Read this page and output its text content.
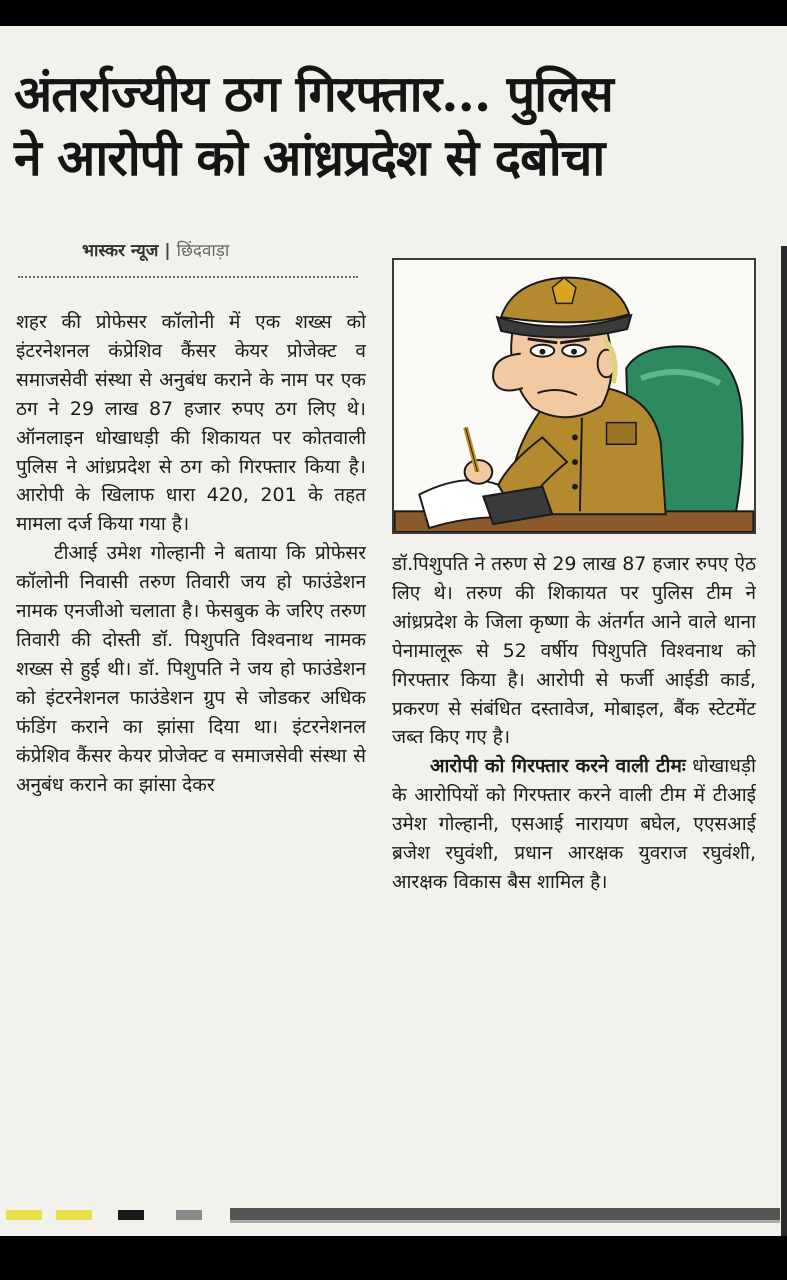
अंतर्राज्यीय ठग गिरफ्तार... पुलिस
ने आरोपी को आंध्रप्रदेश से दबोचा
भास्कर न्यूज | छिंदवाड़ा

शहर की प्रोफेसर कॉलोनी में एक शख्स को इंटरनेशनल कंप्रेशिव कैंसर केयर प्रोजेक्ट व समाजसेवी संस्था से अनुबंध कराने के नाम पर एक ठग ने 29 लाख 87 हजार रुपए ठग लिए थे। ऑनलाइन धोखाधड़ी की शिकायत पर कोतवाली पुलिस ने आंध्रप्रदेश से ठग को गिरफ्तार किया है। आरोपी के खिलाफ धारा 420, 201 के तहत मामला दर्ज किया गया है।

टीआई उमेश गोल्हानी ने बताया कि प्रोफेसर कॉलोनी निवासी तरुण तिवारी जय हो फाउंडेशन नामक एनजीओ चलाता है। फेसबुक के जरिए तरुण तिवारी की दोस्ती डॉ. पिशुपति विश्वनाथ नामक शख्स से हुई थी। डॉ. पिशुपति ने जय हो फाउंडेशन को इंटरनेशनल फाउंडेशन ग्रुप से जोडकर अधिक फंडिंग कराने का झांसा दिया था। इंटरनेशनल कंप्रेशिव कैंसर केयर प्रोजेक्ट व समाजसेवी संस्था से अनुबंध कराने का झांसा देकर

डॉ.पिशुपति ने तरुण से 29 लाख 87 हजार रुपए ऐठ लिए थे। तरुण की शिकायत पर पुलिस टीम ने आंध्रप्रदेश के जिला कृष्णा के अंतर्गत आने वाले थाना पेनामालूरू से 52 वर्षीय पिशुपति विश्वनाथ को गिरफ्तार किया है। आरोपी से फर्जी आईडी कार्ड, प्रकरण से संबंधित दस्तावेज, मोबाइल, बैंक स्टेटमेंट जब्त किए गए है।

आरोपी को गिरफ्तार करने वाली टीमः धोखाधड़ी के आरोपियों को गिरफ्तार करने वाली टीम में टीआई उमेश गोल्हानी, एसआई नारायण बघेल, एएसआई ब्रजेश रघुवंशी, प्रधान आरक्षक युवराज रघुवंशी, आरक्षक विकास बैस शामिल है।
